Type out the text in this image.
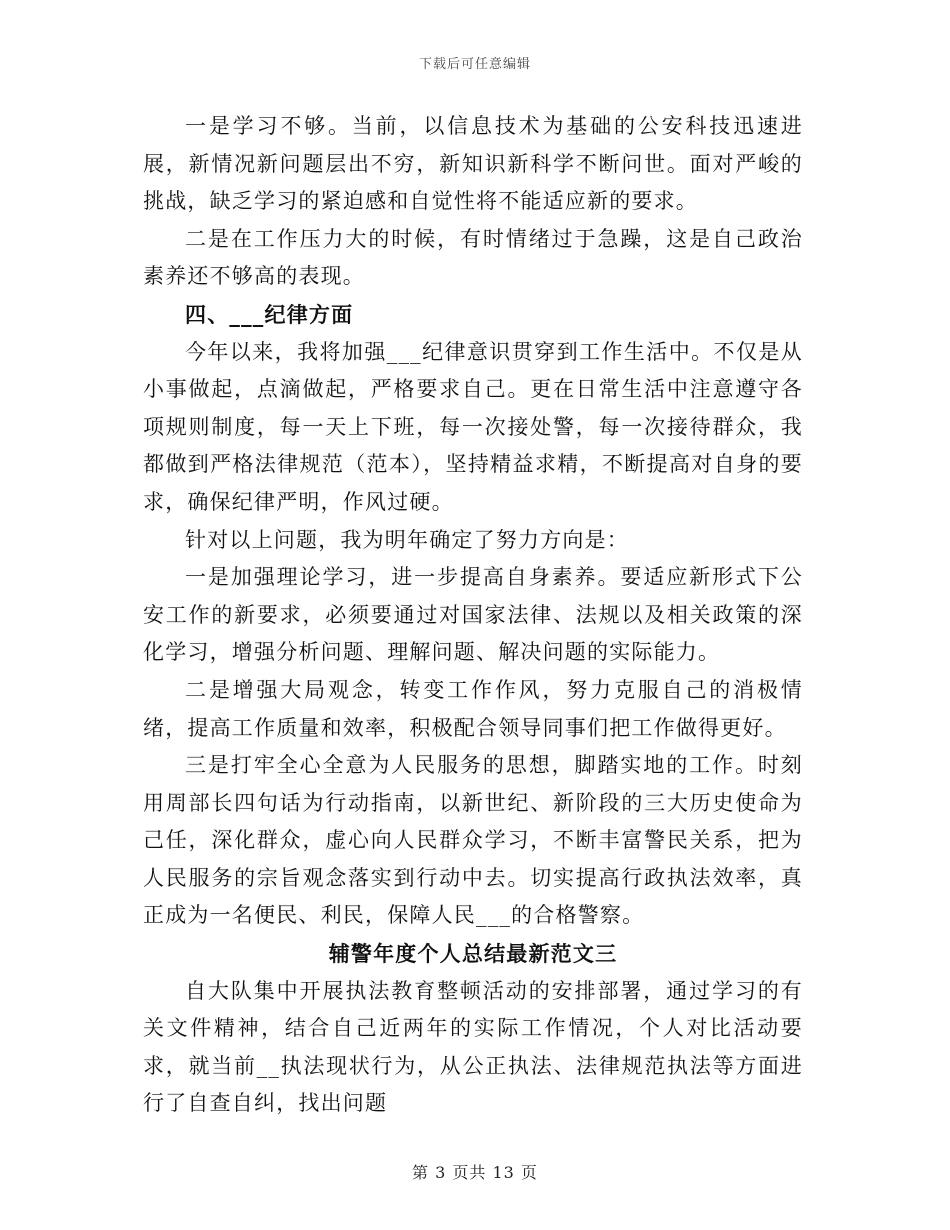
下载后可任意编辑

一是学习不够。当前，以信息技术为基础的公安科技迅速进展，新情况新问题层出不穷，新知识新科学不断问世。面对严峻的挑战，缺乏学习的紧迫感和自觉性将不能适应新的要求。

二是在工作压力大的时候，有时情绪过于急躁，这是自己政治素养还不够高的表现。

四、___纪律方面

今年以来，我将加强___纪律意识贯穿到工作生活中。不仅是从小事做起，点滴做起，严格要求自己。更在日常生活中注意遵守各项规则制度，每一天上下班，每一次接处警，每一次接待群众，我都做到严格法律规范（范本），坚持精益求精，不断提高对自身的要求，确保纪律严明，作风过硬。

针对以上问题，我为明年确定了努力方向是：

一是加强理论学习，进一步提高自身素养。要适应新形式下公安工作的新要求，必须要通过对国家法律、法规以及相关政策的深化学习，增强分析问题、理解问题、解决问题的实际能力。

二是增强大局观念，转变工作作风，努力克服自己的消极情绪，提高工作质量和效率，积极配合领导同事们把工作做得更好。

三是打牢全心全意为人民服务的思想，脚踏实地的工作。时刻用周部长四句话为行动指南，以新世纪、新阶段的三大历史使命为己任，深化群众，虚心向人民群众学习，不断丰富警民关系，把为人民服务的宗旨观念落实到行动中去。切实提高行政执法效率，真正成为一名便民、利民，保障人民___的合格警察。

辅警年度个人总结最新范文三

自大队集中开展执法教育整顿活动的安排部署，通过学习的有关文件精神，结合自己近两年的实际工作情况，个人对比活动要求，就当前__执法现状行为，从公正执法、法律规范执法等方面进行了自查自纠，找出问题

第 3 页共 13 页
